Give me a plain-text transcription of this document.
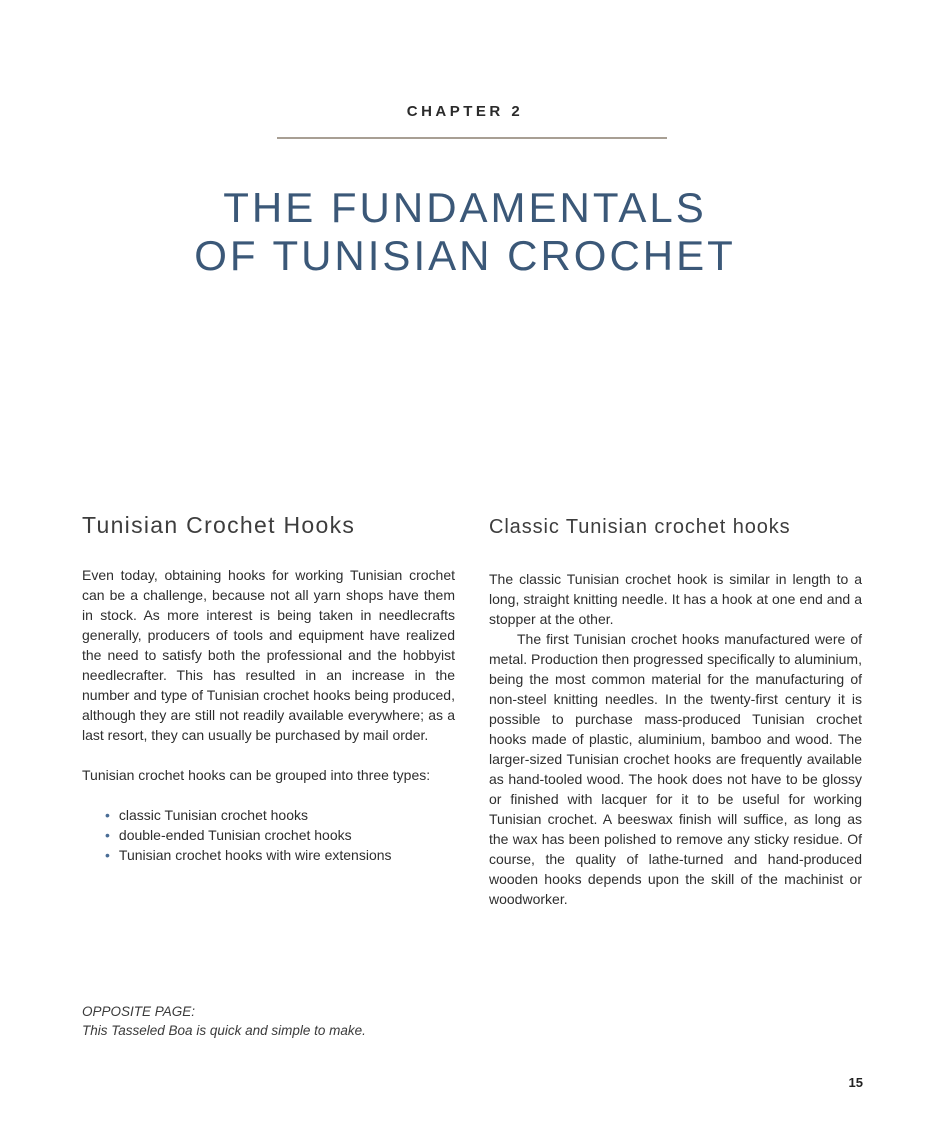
CHAPTER 2
THE FUNDAMENTALS
OF TUNISIAN CROCHET
Tunisian Crochet Hooks

Even today, obtaining hooks for working Tunisian crochet can be a challenge, because not all yarn shops have them in stock. As more interest is being taken in needlecrafts generally, producers of tools and equipment have realized the need to satisfy both the professional and the hobbyist needlecrafter. This has resulted in an increase in the number and type of Tunisian crochet hooks being produced, although they are still not readily available everywhere; as a last resort, they can usually be purchased by mail order.

Tunisian crochet hooks can be grouped into three types:

• classic Tunisian crochet hooks
• double-ended Tunisian crochet hooks
• Tunisian crochet hooks with wire extensions
Classic Tunisian crochet hooks

The classic Tunisian crochet hook is similar in length to a long, straight knitting needle. It has a hook at one end and a stopper at the other.

The first Tunisian crochet hooks manufactured were of metal. Production then progressed specifically to aluminium, being the most common material for the manufacturing of non-steel knitting needles. In the twenty-first century it is possible to purchase mass-produced Tunisian crochet hooks made of plastic, aluminium, bamboo and wood. The larger-sized Tunisian crochet hooks are frequently available as hand-tooled wood. The hook does not have to be glossy or finished with lacquer for it to be useful for working Tunisian crochet. A beeswax finish will suffice, as long as the wax has been polished to remove any sticky residue. Of course, the quality of lathe-turned and hand-produced wooden hooks depends upon the skill of the machinist or woodworker.

OPPOSITE PAGE:
This Tasseled Boa is quick and simple to make.
15
